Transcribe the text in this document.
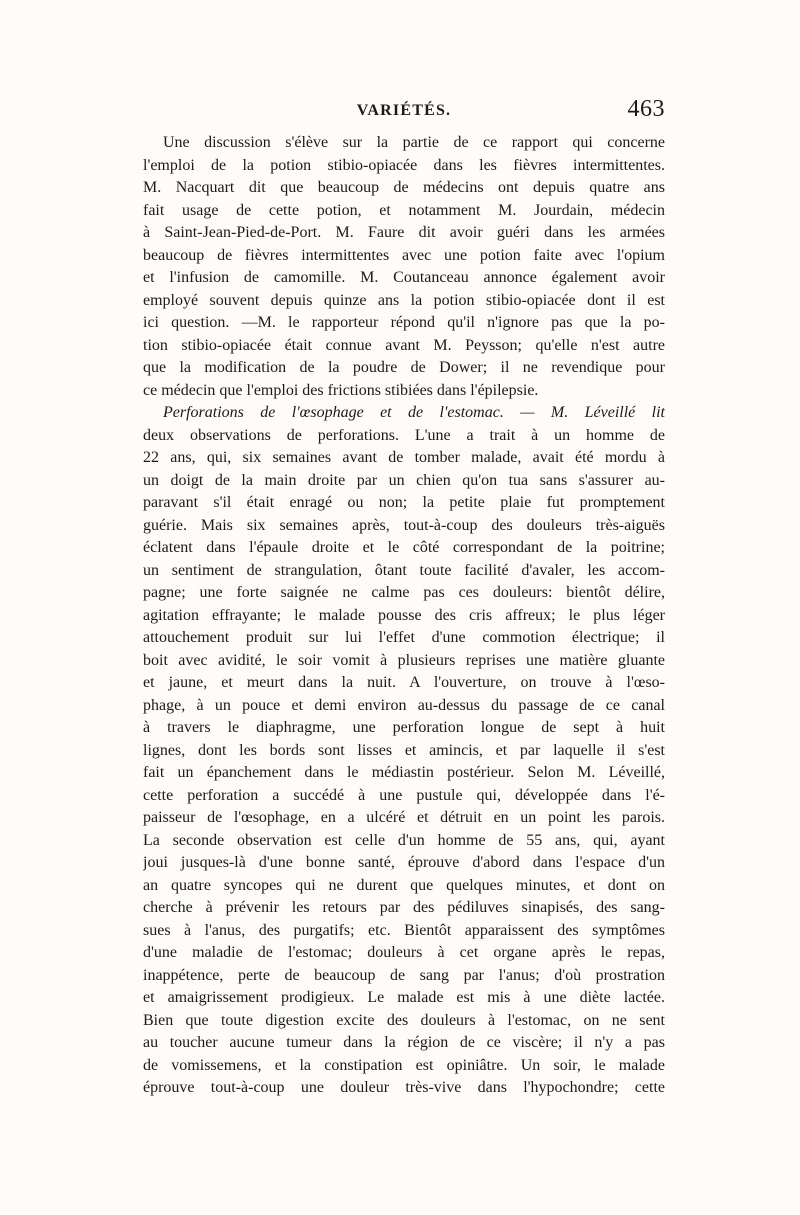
VARIÉTÉS.	463
Une discussion s'élève sur la partie de ce rapport qui concerne
l'emploi de la potion stibio-opiacée dans les fièvres intermittentes.
M. Nacquart dit que beaucoup de médecins ont depuis quatre ans
fait usage de cette potion, et notamment M. Jourdain, médecin
à Saint-Jean-Pied-de-Port. M. Faure dit avoir guéri dans les armées
beaucoup de fièvres intermittentes avec une potion faite avec l'opium
et l'infusion de camomille. M. Coutanceau annonce également avoir
employé souvent depuis quinze ans la potion stibio-opiacée dont il est
ici question. —M. le rapporteur répond qu'il n'ignore pas que la po-
tion stibio-opiacée était connue avant M. Peysson; qu'elle n'est autre
que la modification de la poudre de Dower; il ne revendique pour
ce médecin que l'emploi des frictions stibiées dans l'épilepsie.
Perforations de l'œsophage et de l'estomac. — M. Léveillé lit
deux observations de perforations. L'une a trait à un homme de
22 ans, qui, six semaines avant de tomber malade, avait été mordu à
un doigt de la main droite par un chien qu'on tua sans s'assurer au-
paravant s'il était enragé ou non; la petite plaie fut promptement
guérie. Mais six semaines après, tout-à-coup des douleurs très-aiguës
éclatent dans l'épaule droite et le côté correspondant de la poitrine;
un sentiment de strangulation, ôtant toute facilité d'avaler, les accom-
pagne; une forte saignée ne calme pas ces douleurs: bientôt délire,
agitation effrayante; le malade pousse des cris affreux; le plus léger
attouchement produit sur lui l'effet d'une commotion électrique; il
boit avec avidité, le soir vomit à plusieurs reprises une matière gluante
et jaune, et meurt dans la nuit. A l'ouverture, on trouve à l'œso-
phage, à un pouce et demi environ au-dessus du passage de ce canal
à travers le diaphragme, une perforation longue de sept à huit
lignes, dont les bords sont lisses et amincis, et par laquelle il s'est
fait un épanchement dans le médiastin postérieur. Selon M. Léveillé,
cette perforation a succédé à une pustule qui, développée dans l'é-
paisseur de l'œsophage, en a ulcéré et détruit en un point les parois.
La seconde observation est celle d'un homme de 55 ans, qui, ayant
joui jusques-là d'une bonne santé, éprouve d'abord dans l'espace d'un
an quatre syncopes qui ne durent que quelques minutes, et dont on
cherche à prévenir les retours par des pédiluves sinapisés, des sang-
sues à l'anus, des purgatifs; etc. Bientôt apparaissent des symptômes
d'une maladie de l'estomac; douleurs à cet organe après le repas,
inappétence, perte de beaucoup de sang par l'anus; d'où prostration
et amaigrissement prodigieux. Le malade est mis à une diète lactée.
Bien que toute digestion excite des douleurs à l'estomac, on ne sent
au toucher aucune tumeur dans la région de ce viscère; il n'y a pas
de vomissemens, et la constipation est opiniâtre. Un soir, le malade
éprouve tout-à-coup une douleur très-vive dans l'hypochondre; cette
